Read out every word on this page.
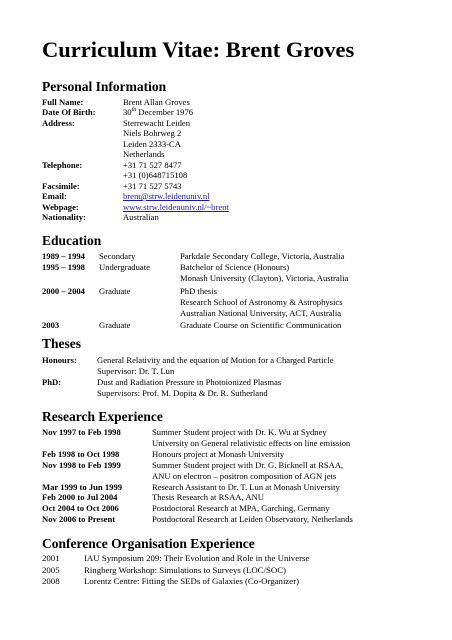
Curriculum Vitae: Brent Groves
Personal Information
Full Name:	Brent Allan Groves
Date Of Birth:	30th December 1976
Address:	Sterrewacht Leiden
Niels Bohrweg 2
Leiden 2333-CA
Netherlands
Telephone:	+31 71 527 8477
+31 (0)648715108
Facsimile:	+31 71 527 5743
Email:	brent@strw.leidenuniv.nl
Webpage:	www.strw.leidenuniv.nl/~brent
Nationality:	Australian
Education
1989 – 1994 Secondary	Parkdale Secondary College, Victoria, Australia
1995 – 1998 Undergraduate	Batchelor of Science (Honours)
Monash University (Clayton), Victoria, Australia
2000 – 2004 Graduate	PhD thesis
Research School of Astronomy & Astrophysics
Australian National University, ACT, Australia
2003	Graduate	Graduate Course on Scientific Communication
Theses
Honours: General Relativity and the equation of Motion for a Charged Particle
Supervisor: Dr. T. Lun
PhD:	Dust and Radiation Pressure in Photoionized Plasmas
Supervisors: Prof. M. Dopita & Dr. R. Sutherland
Research Experience
Nov 1997 to Feb 1998	Summer Student project with Dr. K. Wu at Sydney
University on General relativistic effects on line emission
Feb 1998 to Oct 1998	Honours project at Monash University
Nov 1998 to Feb 1999	Summer Student project with Dr. G. Bicknell at RSAA,
ANU on electron – positron composition of AGN jets
Mar 1999 to Jun 1999	Research Assistant to Dr. T. Lun at Monash University
Feb 2000 to Jul 2004	Thesis Research at RSAA, ANU
Oct 2004 to Oct 2006	Postdoctoral Research at MPA, Garching, Germany
Nov 2006 to Present	Postdoctoral Research at Leiden Observatory, Netherlands
Conference Organisation Experience
2001	IAU Symposium 209: Their Evolution and Role in the Universe
2005	Ringberg Workshop: Simulations to Surveys (LOC/SOC)
2008	Lorentz Centre: Fitting the SEDs of Galaxies (Co-Organizer)
